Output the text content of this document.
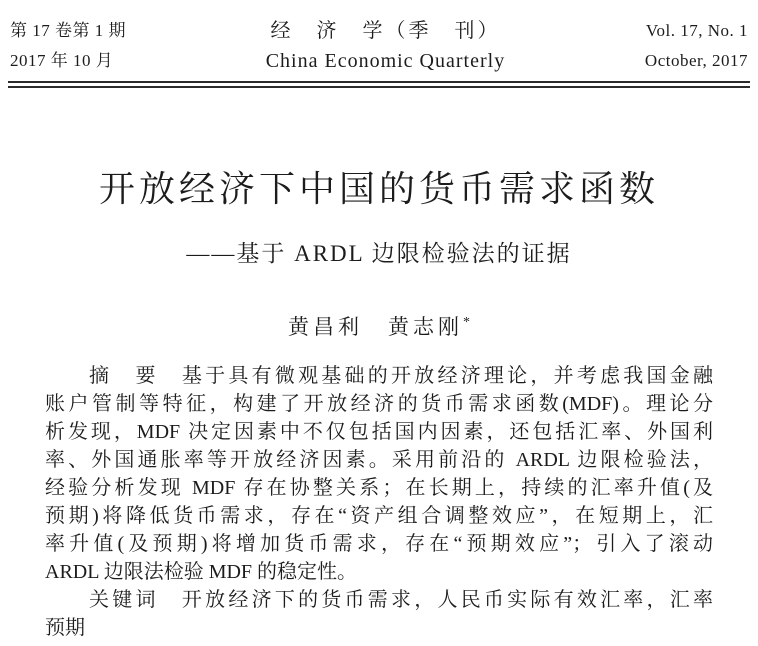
第 17 卷第 1 期
2017 年 10 月
经　济　学（季　刊）
China Economic Quarterly
Vol. 17, No. 1
October, 2017
开放经济下中国的货币需求函数
——基于 ARDL 边限检验法的证据
黄昌利　黄志刚*
摘　要　基于具有微观基础的开放经济理论，并考虑我国金融
账户管制等特征，构建了开放经济的货币需求函数(MDF)。理论分
析发现，MDF 决定因素中不仅包括国内因素，还包括汇率、外国利
率、外国通胀率等开放经济因素。采用前沿的 ARDL 边限检验法，
经验分析发现 MDF 存在协整关系；在长期上，持续的汇率升值(及
预期)将降低货币需求，存在“资产组合调整效应”，在短期上，汇
率升值(及预期)将增加货币需求，存在“预期效应”；引入了滚动
ARDL 边限法检验 MDF 的稳定性。
关键词　开放经济下的货币需求，人民币实际有效汇率，汇率
预期
